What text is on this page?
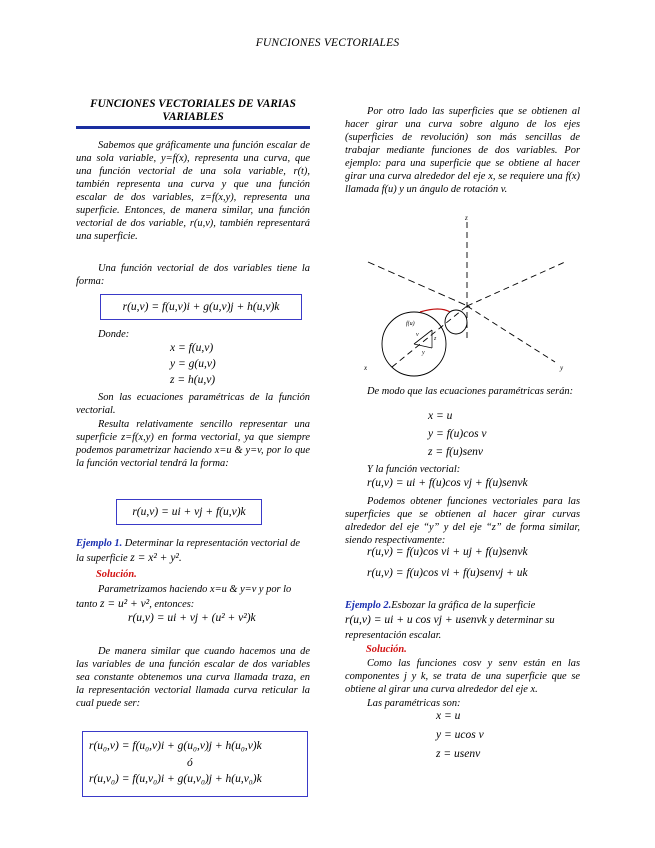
FUNCIONES VECTORIALES
FUNCIONES VECTORIALES DE VARIAS VARIABLES
Sabemos que gráficamente una función escalar de una sola variable, y=f(x), representa una curva, que una función vectorial de una sola variable, r(t), también representa una curva y que una función escalar de dos variables, z=f(x,y), representa una superficie. Entonces, de manera similar, una función vectorial de dos variable, r(u,v), también representará una superficie.
Una función vectorial de dos variables tiene la forma:
r(u,v) = f(u,v)i + g(u,v)j + h(u,v)k
Donde:
x = f(u,v)
y = g(u,v)
z = h(u,v)
Son las ecuaciones paramétricas de la función vectorial.
Resulta relativamente sencillo representar una superficie z=f(x,y) en forma vectorial, ya que siempre podemos parametrizar haciendo x=u & y=v, por lo que la función vectorial tendrá la forma:
r(u,v) = ui + vj + f(u,v)k
Ejemplo 1. Determinar la representación vectorial de la superficie z = x² + y².
Solución.
Parametrizamos haciendo x=u & y=v y por lo tanto z = u² + v², entonces:
r(u,v) = ui + vj + (u² + v²)k
De manera similar que cuando hacemos una de las variables de una función escalar de dos variables sea constante obtenemos una curva llamada traza, en la representación vectorial llamada curva reticular la cual puede ser:
r(u₀,v) = f(u₀,v)i + g(u₀,v)j + h(u₀,v)k
ó
r(u,v₀) = f(u,v₀)i + g(u,v₀)j + h(u,v₀)k
Por otro lado las superficies que se obtienen al hacer girar una curva sobre alguno de los ejes (superficies de revolución) son más sencillas de trabajar mediante funciones de dos variables. Por ejemplo: para una superficie que se obtiene al hacer girar una curva alrededor del eje x, se requiere una f(x) llamada f(u) y un ángulo de rotación v.
f(u)
z
y
v
z
y
x
De modo que las ecuaciones paramétricas serán:
x = u
y = f(u)cos v
z = f(u)senv
Y la función vectorial:
r(u,v) = ui + f(u)cos vj + f(u)senvk
Podemos obtener funciones vectoriales para las superficies que se obtienen al hacer girar curvas alrededor del eje “y” y del eje “z” de forma similar, siendo respectivamente:
r(u,v) = f(u)cos vi + uj + f(u)senvk
r(u,v) = f(u)cos vi + f(u)senvj + uk
Ejemplo 2.Esbozar la gráfica de la superficie r(u,v) = ui + u cos vj + usenvk y determinar su representación escalar.
Solución.
Como las funciones cosv y senv están en las componentes j y k, se trata de una superficie que se obtiene al girar una curva alrededor del eje x.
Las paramétricas son:
x = u
y = ucos v
z = usenv
